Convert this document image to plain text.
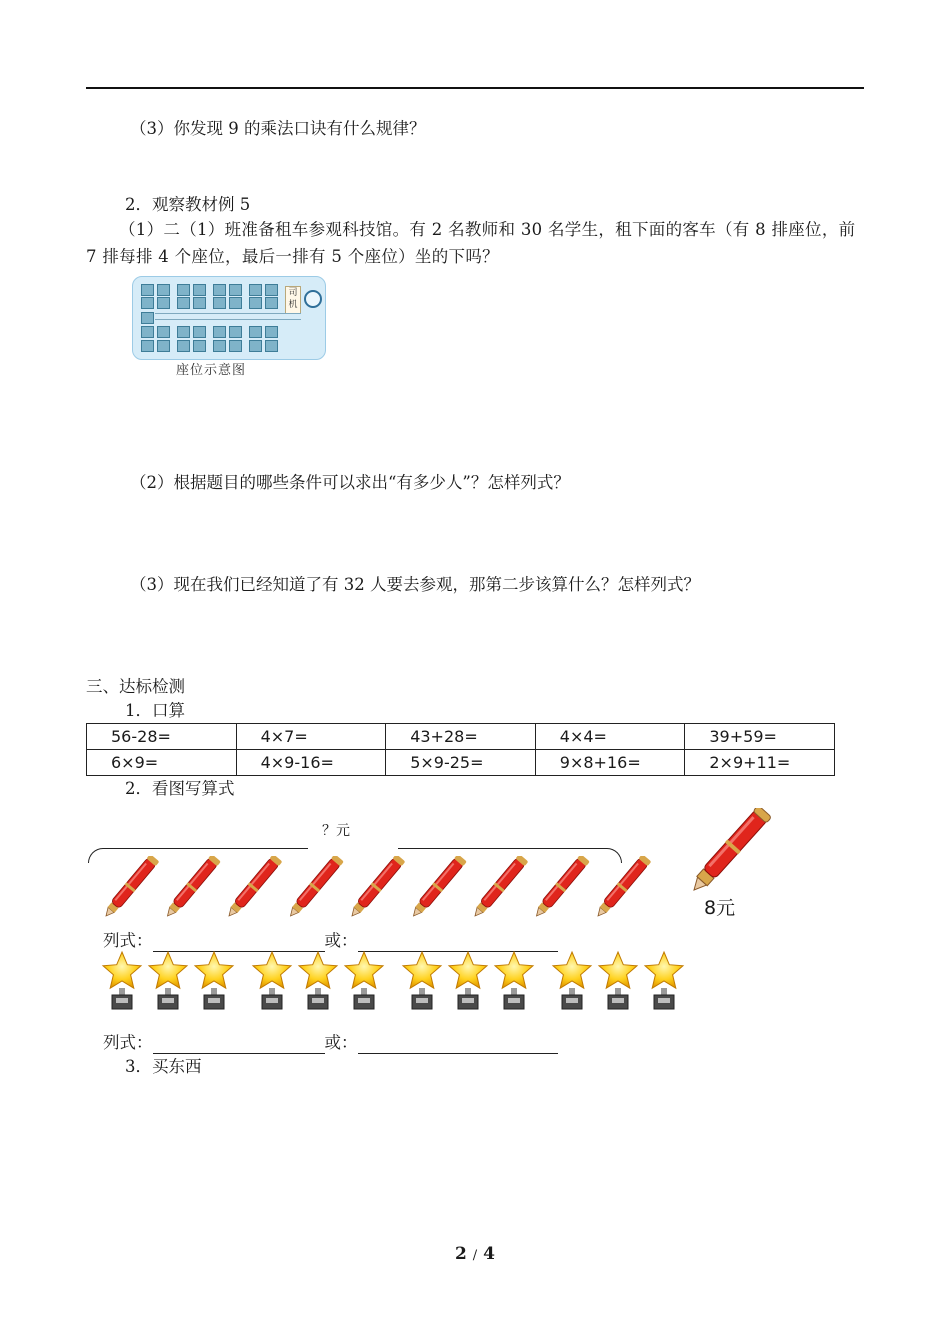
（3）你发现 9 的乘法口诀有什么规律？
2．观察教材例 5
（1）二（1）班准备租车参观科技馆。有 2 名教师和 30 名学生，租下面的客车（有 8 排座位，前 7 排每排 4 个座位，最后一排有 5 个座位）坐的下吗？
司机
座位示意图
（2）根据题目的哪些条件可以求出“有多少人”？怎样列式？
（3）现在我们已经知道了有 32 人要去参观，那第二步该算什么？怎样列式？
三、达标检测
1．口算
56-28=	4×7=	43+28=	4×4=	39+59=
6×9=	4×9-16=	5×9-25=	9×8+16=	2×9+11=
2．看图写算式
？元
8元
列式：	或：
列式：	或：
3．买东西
2 / 4
